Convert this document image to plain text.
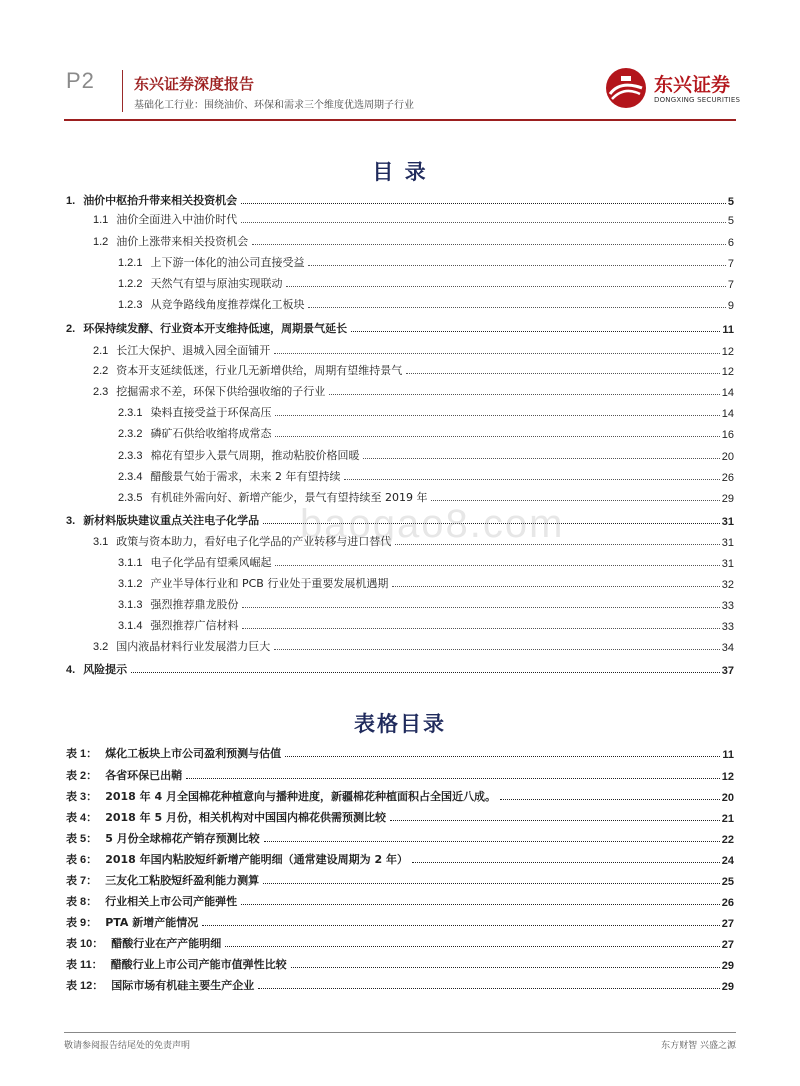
P2	东兴证券深度报告
基础化工行业：围绕油价、环保和需求三个维度优选周期子行业
东兴证券
DONGXING SECURITIES
目 录
1. 油价中枢抬升带来相关投资机会	5
1.1 油价全面进入中油价时代	5
1.2 油价上涨带来相关投资机会	6
1.2.1 上下游一体化的油公司直接受益	7
1.2.2 天然气有望与原油实现联动	7
1.2.3 从竞争路线角度推荐煤化工板块	9
2. 环保持续发酵、行业资本开支维持低速，周期景气延长	11
2.1 长江大保护、退城入园全面铺开	12
2.2 资本开支延续低迷，行业几无新增供给，周期有望维持景气	12
2.3 挖掘需求不差，环保下供给强收缩的子行业	14
2.3.1 染料直接受益于环保高压	14
2.3.2 磷矿石供给收缩将成常态	16
2.3.3 棉花有望步入景气周期，推动粘胶价格回暖	20
2.3.4 醋酸景气始于需求，未来 2 年有望持续	26
2.3.5 有机硅外需向好、新增产能少，景气有望持续至 2019 年	29
3. 新材料版块建议重点关注电子化学品	31
3.1 政策与资本助力，看好电子化学品的产业转移与进口替代	31
3.1.1 电子化学品有望乘风崛起	31
3.1.2 产业半导体行业和 PCB 行业处于重要发展机遇期	32
3.1.3 强烈推荐鼎龙股份	33
3.1.4 强烈推荐广信材料	33
3.2 国内液晶材料行业发展潜力巨大	34
4. 风险提示	37
baogao8.com
表格目录
表 1： 煤化工板块上市公司盈利预测与估值	11
表 2： 各省环保已出鞘	12
表 3： 2018 年 4 月全国棉花种植意向与播种进度，新疆棉花种植面积占全国近八成。	20
表 4： 2018 年 5 月份，相关机构对中国国内棉花供需预测比较	21
表 5： 5 月份全球棉花产销存预测比较	22
表 6： 2018 年国内粘胶短纤新增产能明细（通常建设周期为 2 年）	24
表 7： 三友化工粘胶短纤盈利能力测算	25
表 8： 行业相关上市公司产能弹性	26
表 9： PTA 新增产能情况	27
表 10： 醋酸行业在产产能明细	27
表 11： 醋酸行业上市公司产能市值弹性比较	29
表 12： 国际市场有机硅主要生产企业	29
敬请参阅报告结尾处的免责声明	东方财智 兴盛之源
